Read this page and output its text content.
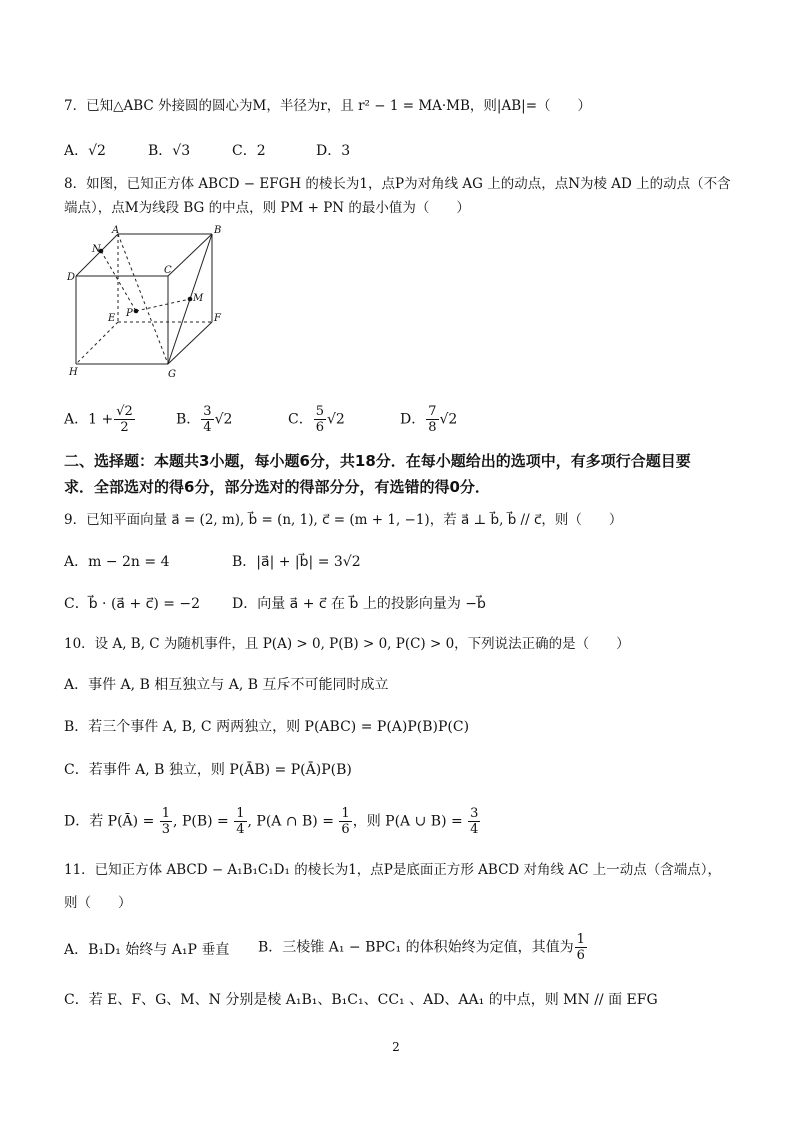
7．已知△ABC 外接圆的圆心为M，半径为r，且 r² − 1 = MA·MB，则|AB|=（　　）
A．√2	B．√3	C．2	D．3
8．如图，已知正方体 ABCD − EFGH 的棱长为1，点P为对角线 AG 上的动点，点N为棱 AD 上的动点（不含
端点），点M为线段 BG 的中点，则 PM + PN 的最小值为（　　）
A	B
C
D
E	F
G
H
N
M
P
A．$1 + \frac{√2}{2}$	B． $\frac{3}{4} √2$	C． $\frac{5}{6} √2$	D． $\frac{7}{8} √2$
二、选择题：本题共3小题，每小题6分，共18分．在每小题给出的选项中，有多项行合题目要
求．全部选对的得6分，部分选对的得部分分，有选错的得0分．
9．已知平面向量 a⃗ = (2, m), b⃗ = (n, 1), c⃗ = (m + 1, −1)，若 a⃗ ⊥ b⃗, b⃗ // c⃗，则（　　）
A．m − 2n = 4	B．|a⃗| + |b⃗| = 3√2
C．b⃗ · (a⃗ + c⃗) = −2 D．向量 a⃗ + c⃗ 在 b⃗ 上的投影向量为 −b⃗
10．设 A, B, C 为随机事件，且 P(A) > 0, P(B) > 0, P(C) > 0，下列说法正确的是（　　）
A．事件 A, B 相互独立与 A, B 互斥不可能同时成立
B．若三个事件 A, B, C 两两独立，则 P(ABC) = P(A)P(B)P(C)
C．若事件 A, B 独立，则 P(ĀB) = P(Ā)P(B)
D．若 P(Ā) = $\frac{1}{3}$ , $P(B) = \frac{1}{4}$ , P(A ∩ $B) = \frac{1}{6}$ ，则 P(A ∪ $B) = \frac{3}{4}$
11．已知正方体 ABCD − A₁B₁C₁D₁ 的棱长为1，点P是底面正方形 ABCD 对角线 AC 上一动点（含端点），
则（　　）
A．B₁D₁ 始终与 A₁P 垂直 B．三棱锥 A₁ − BPC₁ 的体积始终为定值，其值为 $\frac{1}{6}$
C．若 E、F、G、M、N 分别是棱 A₁B₁、B₁C₁、CC₁ 、AD、AA₁ 的中点，则 MN // 面 EFG
2
